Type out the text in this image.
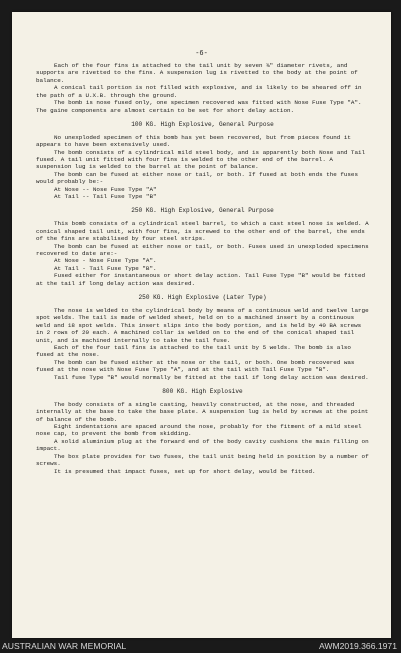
-6-

Each of the four fins is attached to the tail unit by seven ⅜" diameter rivets, and supports are rivetted to the fins. A suspension lug is rivetted to the body at the point of balance.

A conical tail portion is not filled with explosive, and is likely to be sheared off in the path of a U.X.B. through the ground.

The bomb is nose fused only, one specimen recovered was fitted with Nose Fuse Type "A". The gaine components are almost certain to be set for short delay action.

100 KG. High Explosive, General Purpose

No unexploded specimen of this bomb has yet been recovered, but from pieces found it appears to have been extensively used.

The bomb consists of a cylindrical mild steel body, and is apparently both Nose and Tail fused. A tail unit fitted with four fins is welded to the other end of the barrel. A suspension lug is welded to the barrel at the point of balance.

The bomb can be fused at either nose or tail, or both. If fused at both ends the fuses would probably be:-

At Nose -- Nose Fuse Type "A"
At Tail -- Tail Fuse Type "B"
250 KG. High Explosive, General Purpose

This bomb consists of a cylindrical steel barrel, to which a cast steel nose is welded. A conical shaped tail unit, with four fins, is screwed to the other end of the barrel, the ends of the fins are stabilised by four steel strips.

The bomb can be fused at either nose or tail, or both. Fuses used in unexploded specimens recovered to date are:-

At Nose - Nose Fuse Type "A".
At Tail - Tail Fuse Type "B".

Fused either for instantaneous or short delay action. Tail Fuse Type "B" would be fitted at the tail if long delay action was desired.

250 KG. High Explosive (Later Type)

The nose is welded to the cylindrical body by means of a continuous weld and twelve large spot welds. The tail is made of welded sheet, held on to a machined insert by a continuous weld and 18 spot welds. This insert slips into the body portion, and is held by 40 BA screws in 2 rows of 20 each. A machined collar is welded on to the end of the conical shaped tail unit, and is machined internally to take the tail fuse.

Each of the four tail fins is attached to the tail unit by 5 welds. The bomb is also fused at the nose.

The bomb can be fused either at the nose or the tail, or both. One bomb recovered was fused at the nose with Nose Fuse Type "A", and at the tail with Tail Fuse Type "B".

Tail fuse Type "B" would normally be fitted at the tail if long delay action was desired.

800 KG. High Explosive

The body consists of a single casting, heavily constructed, at the nose, and threaded internally at the base to take the base plate. A suspension lug is held by screws at the point of balance of the bomb.

Eight indentations are spaced around the nose, probably for the fitment of a mild steel nose cap, to prevent the bomb from skidding.

A solid aluminium plug at the forward end of the body cavity cushions the main filling on impact.

The box plate provides for two fuses, the tail unit being held in position by a number of screws.

It is presumed that impact fuses, set up for short delay, would be fitted.

AUSTRALIAN WAR MEMORIAL	AWM2019.366.1971
